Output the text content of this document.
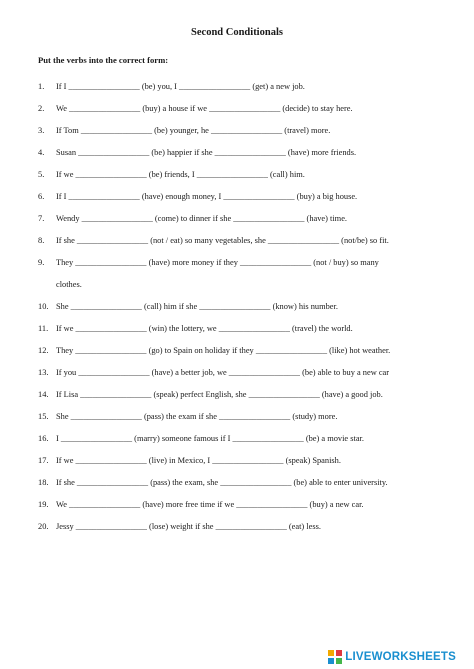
Second Conditionals
Put the verbs into the correct form:
1. If I _________________ (be) you, I _________________ (get) a new job.
2. We _________________ (buy) a house if we _________________ (decide) to stay here.
3. If Tom _________________ (be) younger, he _________________ (travel) more.
4. Susan _________________ (be) happier if she _________________ (have) more friends.
5. If we _________________ (be) friends, I _________________ (call) him.
6. If I _________________ (have) enough money, I _________________ (buy) a big house.
7. Wendy _________________ (come) to dinner if she _________________ (have) time.
8. If she _________________ (not / eat) so many vegetables, she _________________ (not/be) so fit.
9. They _________________ (have) more money if they _________________ (not / buy) so many
clothes.
10. She _________________ (call) him if she _________________ (know) his number.
11. If we _________________ (win) the lottery, we _________________ (travel) the world.
12. They _________________ (go) to Spain on holiday if they _________________ (like) hot weather.
13. If you _________________ (have) a better job, we _________________ (be) able to buy a new car
14. If Lisa _________________ (speak) perfect English, she _________________ (have) a good job.
15. She _________________ (pass) the exam if she _________________ (study) more.
16. I _________________ (marry) someone famous if I _________________ (be) a movie star.
17. If we _________________ (live) in Mexico, I _________________ (speak) Spanish.
18. If she _________________ (pass) the exam, she _________________ (be) able to enter university.
19. We _________________ (have) more free time if we _________________ (buy) a new car.
20. Jessy _________________ (lose) weight if she _________________ (eat) less.
LIVEWORKSHEETS
